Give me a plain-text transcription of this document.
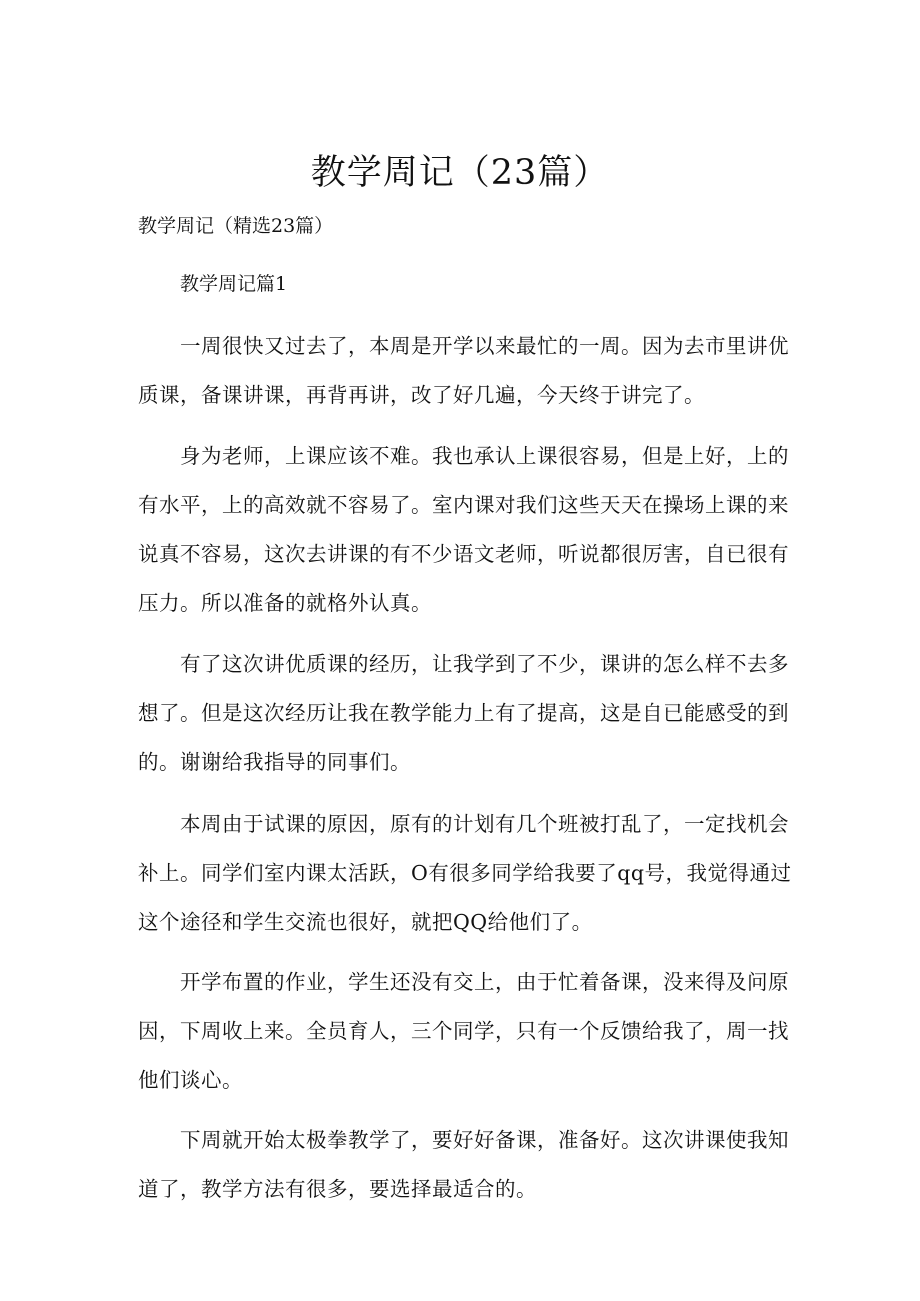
教学周记（23篇）
教学周记（精选23篇）
教学周记篇1

一周很快又过去了，本周是开学以来最忙的一周。因为去市里讲优质课，备课讲课，再背再讲，改了好几遍，今天终于讲完了。

身为老师，上课应该不难。我也承认上课很容易，但是上好，上的有水平，上的高效就不容易了。室内课对我们这些天天在操场上课的来说真不容易，这次去讲课的有不少语文老师，听说都很厉害，自已很有压力。所以准备的就格外认真。

有了这次讲优质课的经历，让我学到了不少，课讲的怎么样不去多想了。但是这次经历让我在教学能力上有了提高，这是自已能感受的到的。谢谢给我指导的同事们。

本周由于试课的原因，原有的计划有几个班被打乱了，一定找机会补上。同学们室内课太活跃，O有很多同学给我要了qq号，我觉得通过这个途径和学生交流也很好，就把QQ给他们了。

开学布置的作业，学生还没有交上，由于忙着备课，没来得及问原因，下周收上来。全员育人，三个同学，只有一个反馈给我了，周一找他们谈心。

下周就开始太极拳教学了，要好好备课，准备好。这次讲课使我知道了，教学方法有很多，要选择最适合的。
